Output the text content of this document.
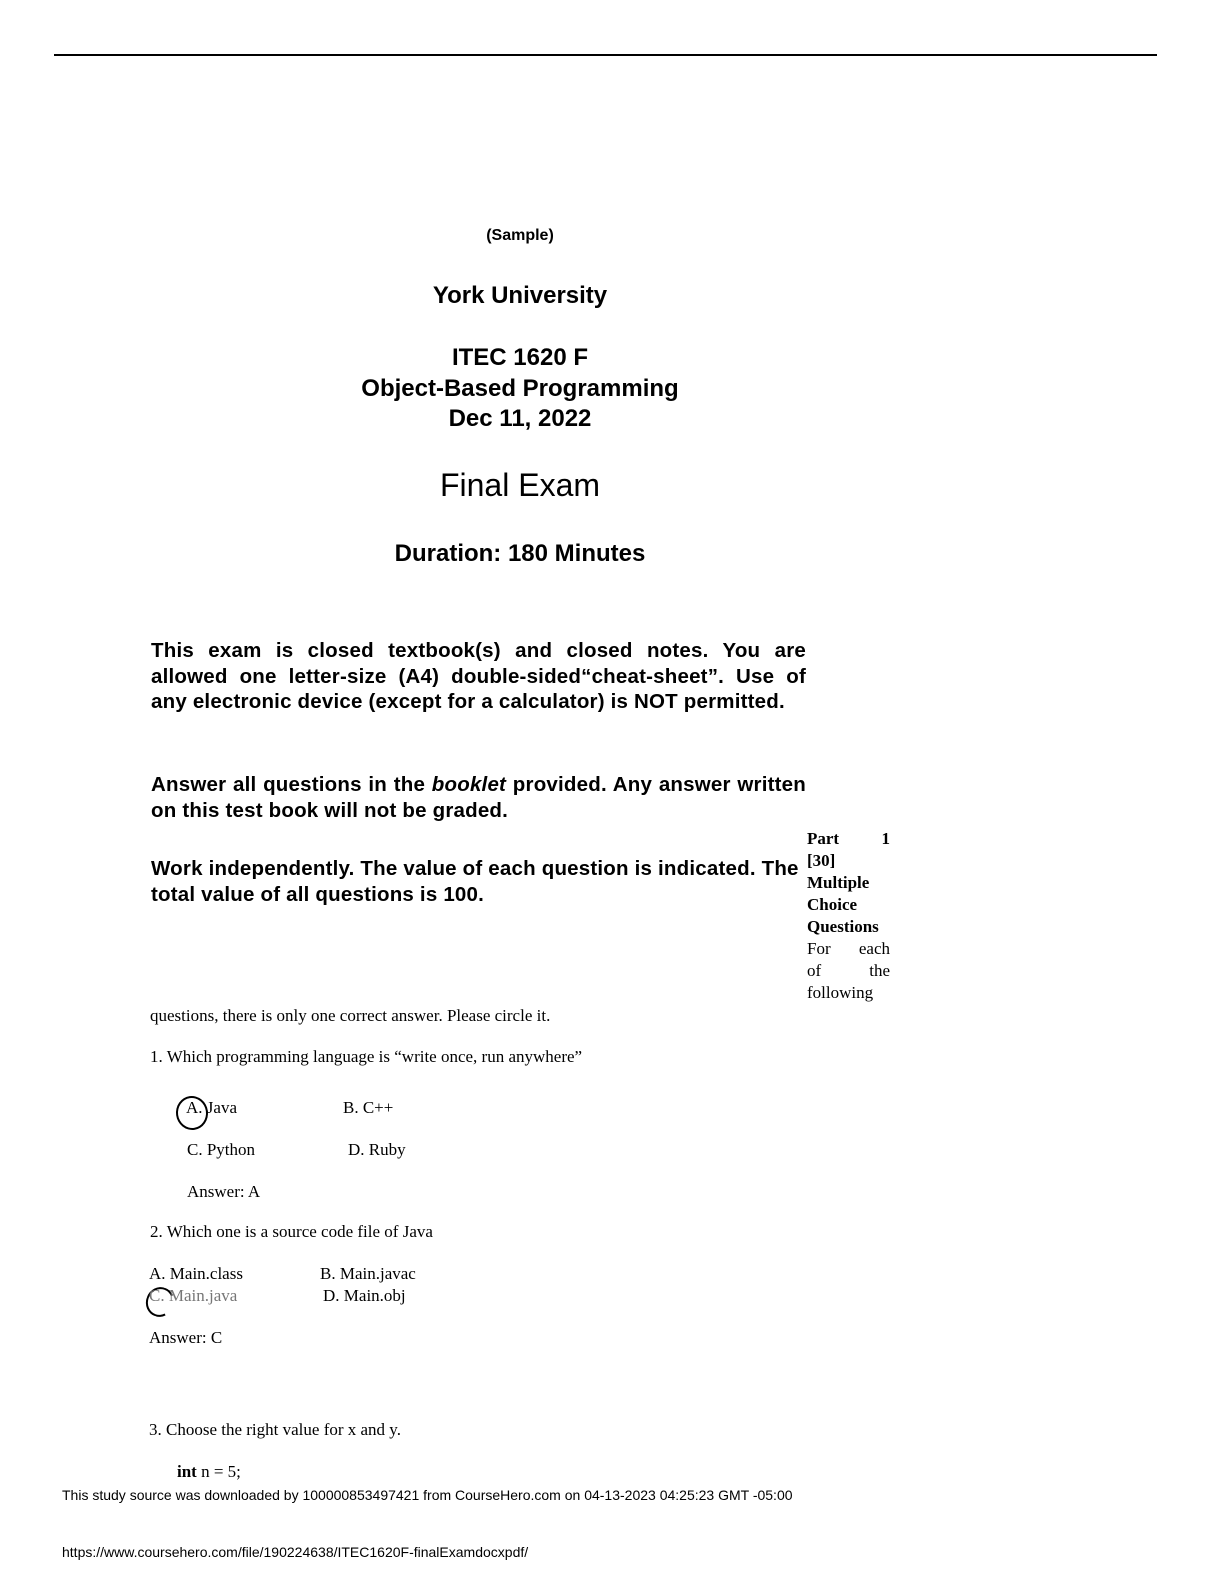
(Sample)
York University
ITEC 1620 F
Object-Based Programming
Dec 11, 2022
Final Exam
Duration: 180 Minutes
This exam is closed textbook(s) and closed notes. You are allowed one letter-size (A4) double-sided“cheat-sheet”. Use of any electronic device (except for a calculator) is NOT permitted.
Answer all questions in the booklet provided. Any answer written on this test book will not be graded.
Work independently. The value of each question is indicated. The total value of all questions is 100.
Part 1
[30]
Multiple
Choice
Questions
For each
of	the
following
questions, there is only one correct answer. Please circle it.
1. Which programming language is “write once, run anywhere”
A. Java	B. C++
C. Python	D. Ruby
Answer: A
2. Which one is a source code file of Java
A. Main.class	B. Main.javac
C. Main.java	D. Main.obj
Answer: C
3. Choose the right value for x and y.
int n = 5;
This study source was downloaded by 100000853497421 from CourseHero.com on 04-13-2023 04:25:23 GMT -05:00
https://www.coursehero.com/file/190224638/ITEC1620F-finalExamdocxpdf/
